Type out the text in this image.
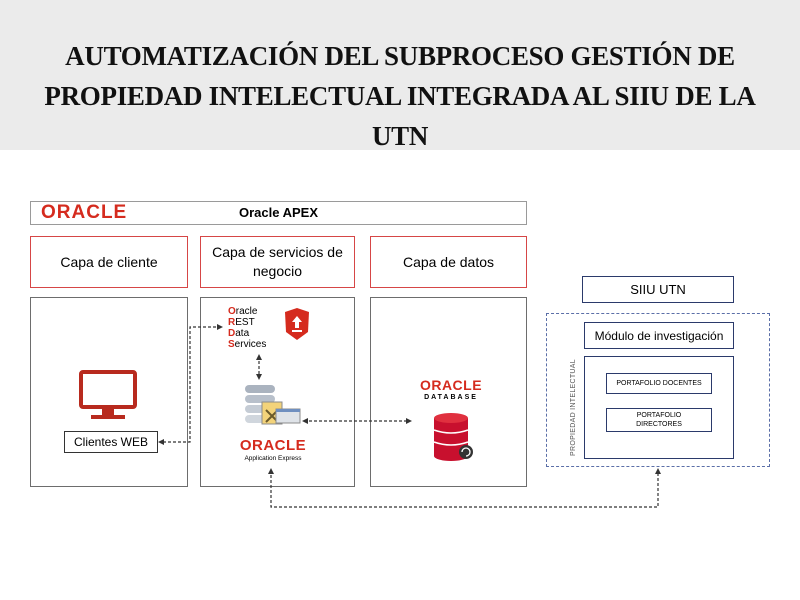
AUTOMATIZACIÓN DEL SUBPROCESO GESTIÓN DE
PROPIEDAD INTELECTUAL INTEGRADA AL SIIU DE LA
UTN
ORACLE	Oracle APEX
Capa de cliente
Capa de servicios de
negocio
Capa de datos
Clientes WEB
Oracle
REST
Data
Services
ORACLE
Application Express
ORACLE
DATABASE
SIIU UTN
Módulo de investigación
PROPIEDAD INTELECTUAL	PORTAFOLIO DOCENTES
PORTAFOLIO
DIRECTORES
